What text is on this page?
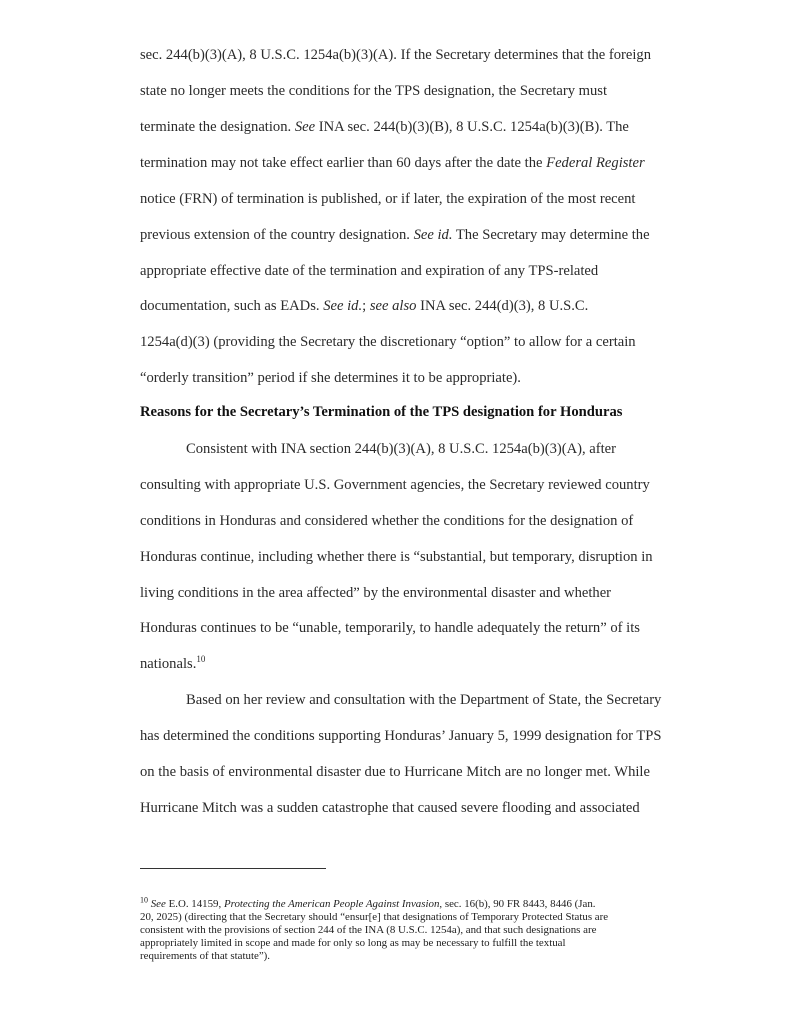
sec. 244(b)(3)(A), 8 U.S.C. 1254a(b)(3)(A). If the Secretary determines that the foreign

state no longer meets the conditions for the TPS designation, the Secretary must

terminate the designation. See INA sec. 244(b)(3)(B), 8 U.S.C. 1254a(b)(3)(B). The

termination may not take effect earlier than 60 days after the date the Federal Register

notice (FRN) of termination is published, or if later, the expiration of the most recent

previous extension of the country designation. See id. The Secretary may determine the

appropriate effective date of the termination and expiration of any TPS-related

documentation, such as EADs. See id.; see also INA sec. 244(d)(3), 8 U.S.C.

1254a(d)(3) (providing the Secretary the discretionary “option” to allow for a certain

“orderly transition” period if she determines it to be appropriate).

Reasons for the Secretary’s Termination of the TPS designation for Honduras

Consistent with INA section 244(b)(3)(A), 8 U.S.C. 1254a(b)(3)(A), after

consulting with appropriate U.S. Government agencies, the Secretary reviewed country

conditions in Honduras and considered whether the conditions for the designation of

Honduras continue, including whether there is “substantial, but temporary, disruption in

living conditions in the area affected” by the environmental disaster and whether

Honduras continues to be “unable, temporarily, to handle adequately the return” of its

nationals.$^{10}$

Based on her review and consultation with the Department of State, the Secretary

has determined the conditions supporting Honduras’ January 5, 1999 designation for TPS

on the basis of environmental disaster due to Hurricane Mitch are no longer met. While

Hurricane Mitch was a sudden catastrophe that caused severe flooding and associated

$^{10}$ See E.O. 14159, Protecting the American People Against Invasion, sec. 16(b), 90 FR 8443, 8446 (Jan.

20, 2025) (directing that the Secretary should “ensur[e] that designations of Temporary Protected Status are

consistent with the provisions of section 244 of the INA (8 U.S.C. 1254a), and that such designations are

appropriately limited in scope and made for only so long as may be necessary to fulfill the textual

requirements of that statute”).
